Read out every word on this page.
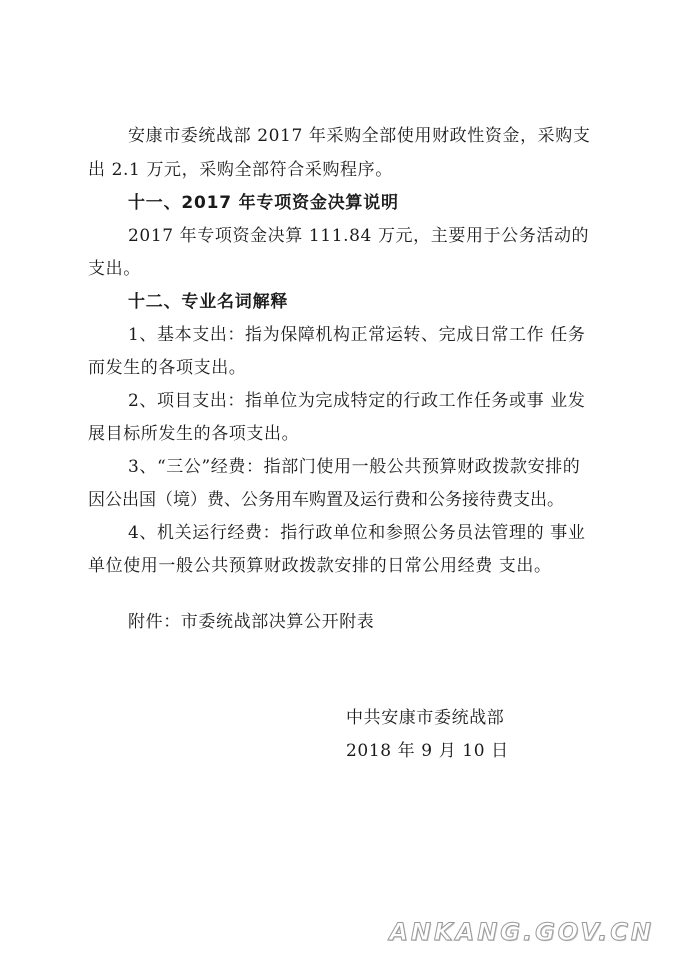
安康市委统战部 2017 年采购全部使用财政性资金，采购支
出 2.1 万元，采购全部符合采购程序。
十一、2017 年专项资金决算说明
2017 年专项资金决算 111.84 万元，主要用于公务活动的
支出。
十二、专业名词解释
1、基本支出：指为保障机构正常运转、完成日常工作 任务
而发生的各项支出。
2、项目支出：指单位为完成特定的行政工作任务或事 业发
展目标所发生的各项支出。
3、“三公”经费：指部门使用一般公共预算财政拨款安排的
因公出国（境）费、公务用车购置及运行费和公务接待费支出。
4、机关运行经费：指行政单位和参照公务员法管理的 事业
单位使用一般公共预算财政拨款安排的日常公用经费 支出。
附件：市委统战部决算公开附表
中共安康市委统战部
2018 年 9 月 10 日
ANKANG.GOV.CN
